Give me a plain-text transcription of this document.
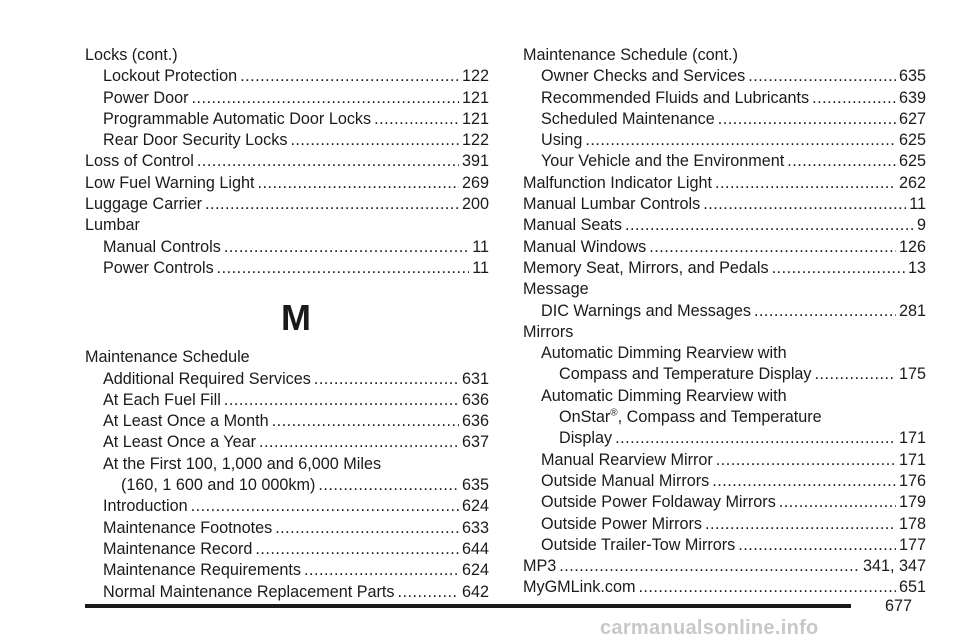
Locks (cont.)
Lockout Protection .....	122
Power Door .....	121
Programmable Automatic Door Locks .....	121
Rear Door Security Locks .....	122
Loss of Control .....	391
Low Fuel Warning Light .....	269
Luggage Carrier .....	200
Lumbar
Manual Controls .....	11
Power Controls .....	11
M
Maintenance Schedule
Additional Required Services .....	631
At Each Fuel Fill .....	636
At Least Once a Month .....	636
At Least Once a Year .....	637
At the First 100, 1,000 and 6,000 Miles
(160, 1 600 and 10 000km) .....	635
Introduction .....	624
Maintenance Footnotes .....	633
Maintenance Record .....	644
Maintenance Requirements .....	624
Normal Maintenance Replacement Parts .....	642
Maintenance Schedule (cont.)
Owner Checks and Services .....	635
Recommended Fluids and Lubricants .....	639
Scheduled Maintenance .....	627
Using .....	625
Your Vehicle and the Environment .....	625
Malfunction Indicator Light .....	262
Manual Lumbar Controls .....	11
Manual Seats .....	9
Manual Windows .....	126
Memory Seat, Mirrors, and Pedals .....	13
Message
DIC Warnings and Messages .....	281
Mirrors
Automatic Dimming Rearview with
Compass and Temperature Display .....	175
Automatic Dimming Rearview with
OnStar®, Compass and Temperature
Display .....	171
Manual Rearview Mirror .....	171
Outside Manual Mirrors .....	176
Outside Power Foldaway Mirrors .....	179
Outside Power Mirrors .....	178
Outside Trailer-Tow Mirrors .....	177
MP3 .....	341, 347
MyGMLink.com .....	651
677
carmanualsonline.info
